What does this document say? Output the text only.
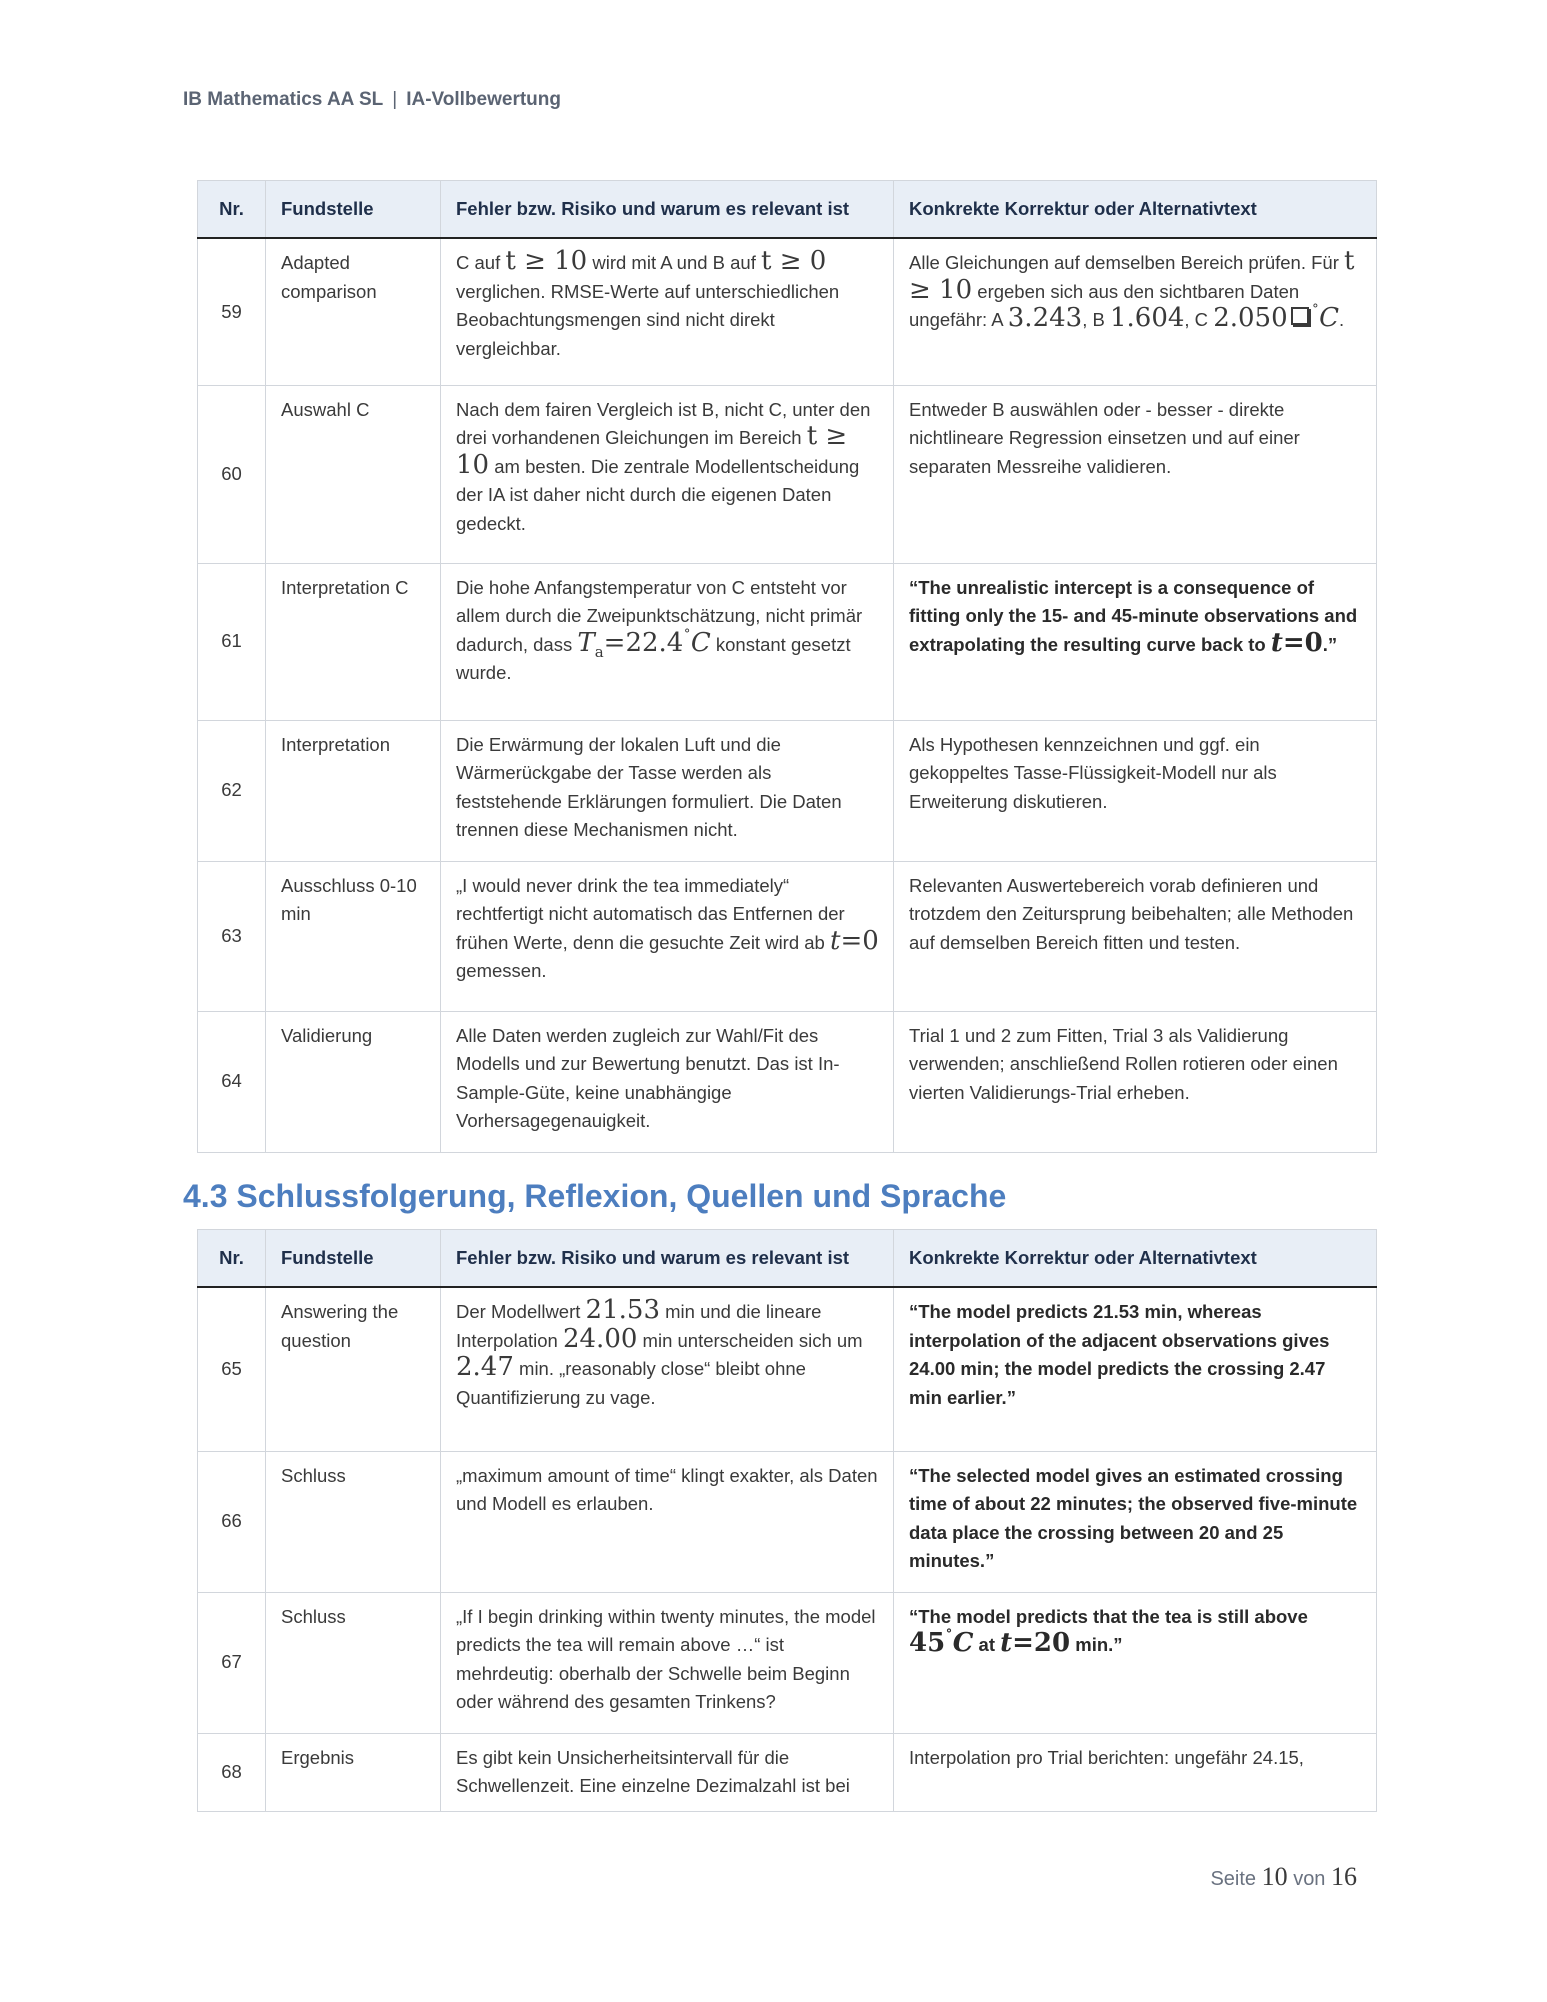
IB Mathematics AA SL | IA-Vollbewertung
Nr.	Fundstelle	Fehler bzw. Risiko und warum es relevant ist	Konkrekte Korrektur oder Alternativtext
59	Adapted comparison	C auf t ≥ 10 wird mit A und B auf t ≥ 0 verglichen. RMSE-Werte auf unterschiedlichen Beobachtungsmengen sind nicht direkt vergleichbar.	Alle Gleichungen auf demselben Bereich prüfen. Für t ≥ 10 ergeben sich aus den sichtbaren Daten ungefähr: A 3.243, B 1.604, C 2.050 ˚C.
60	Auswahl C	Nach dem fairen Vergleich ist B, nicht C, unter den drei vorhandenen Gleichungen im Bereich t ≥ 10 am besten. Die zentrale Modellentscheidung der IA ist daher nicht durch die eigenen Daten gedeckt.	Entweder B auswählen oder - besser - direkte nichtlineare Regression einsetzen und auf einer separaten Messreihe validieren.
61	Interpretation C	Die hohe Anfangstemperatur von C entsteht vor allem durch die Zweipunktschätzung, nicht primär dadurch, dass $T_a=22.4^˚C$ konstant gesetzt wurde.	“The unrealistic intercept is a consequence of fitting only the 15- and 45-minute observations and extrapolating the resulting curve back to t=0.”
62	Interpretation	Die Erwärmung der lokalen Luft und die Wärmerückgabe der Tasse werden als feststehende Erklärungen formuliert. Die Daten trennen diese Mechanismen nicht.	Als Hypothesen kennzeichnen und ggf. ein gekoppeltes Tasse-Flüssigkeit-Modell nur als Erweiterung diskutieren.
63	Ausschluss 0-10 min	„I would never drink the tea immediately“ rechtfertigt nicht automatisch das Entfernen der frühen Werte, denn die gesuchte Zeit wird ab t=0 gemessen.	Relevanten Auswertebereich vorab definieren und trotzdem den Zeitursprung beibehalten; alle Methoden auf demselben Bereich fitten und testen.
64	Validierung	Alle Daten werden zugleich zur Wahl/Fit des Modells und zur Bewertung benutzt. Das ist In-Sample-Güte, keine unabhängige Vorhersagegenauigkeit.	Trial 1 und 2 zum Fitten, Trial 3 als Validierung verwenden; anschließend Rollen rotieren oder einen vierten Validierungs-Trial erheben.
4.3 Schlussfolgerung, Reflexion, Quellen und Sprache
Nr.	Fundstelle	Fehler bzw. Risiko und warum es relevant ist	Konkrekte Korrektur oder Alternativtext
65	Answering the question	Der Modellwert 21.53 min und die lineare Interpolation 24.00 min unterscheiden sich um 2.47 min. „reasonably close“ bleibt ohne Quantifizierung zu vage.	“The model predicts 21.53 min, whereas interpolation of the adjacent observations gives 24.00 min; the model predicts the crossing 2.47 min earlier.”
66	Schluss	„maximum amount of time“ klingt exakter, als Daten und Modell es erlauben.	“The selected model gives an estimated crossing time of about 22 minutes; the observed five-minute data place the crossing between 20 and 25 minutes.”
67	Schluss	„If I begin drinking within twenty minutes, the model predicts the tea will remain above …“ ist mehrdeutig: oberhalb der Schwelle beim Beginn oder während des gesamten Trinkens?	“The model predicts that the tea is still above
45˚C at t=20 min.”
68	Ergebnis	Es gibt kein Unsicherheitsintervall für die Schwellenzeit. Eine einzelne Dezimalzahl ist bei	Interpolation pro Trial berichten: ungefähr 24.15,
Seite 10 von 16
